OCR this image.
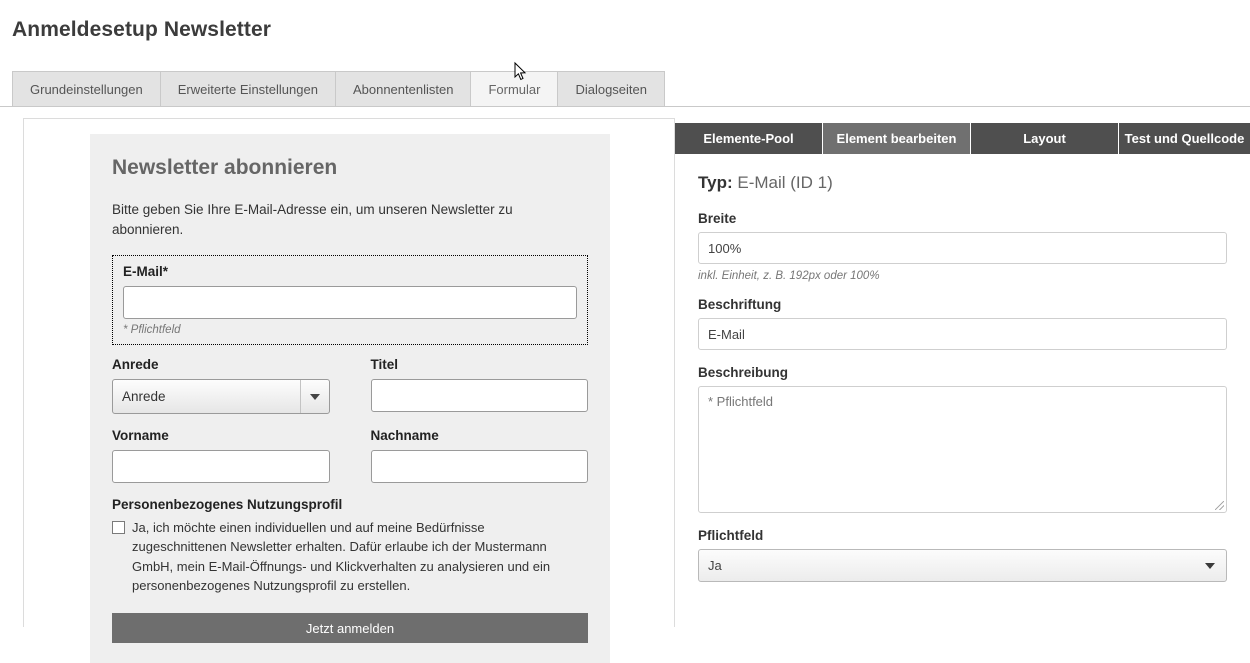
Anmeldesetup Newsletter
Grundeinstellungen	Erweiterte Einstellungen	Abonnentenlisten	Formular	Dialogseiten
Newsletter abonnieren
Bitte geben Sie Ihre E-Mail-Adresse ein, um unseren Newsletter zu abonnieren.
E-Mail*
* Pflichtfeld
Anrede
Anrede
Titel
Vorname	Nachname
Personenbezogenes Nutzungsprofil
Ja, ich möchte einen individuellen und auf meine Bedürfnisse zugeschnittenen Newsletter erhalten. Dafür erlaube ich der Mustermann GmbH, mein E-Mail-Öffnungs- und Klickverhalten zu analysieren und ein personenbezogenes Nutzungsprofil zu erstellen.
Jetzt anmelden
Elemente-Pool	Element bearbeiten	Layout	Test und Quellcode
Typ: E-Mail (ID 1)
Breite
100%
inkl. Einheit, z. B. 192px oder 100%
Beschriftung
E-Mail
Beschreibung
* Pflichtfeld
Pflichtfeld
Ja
